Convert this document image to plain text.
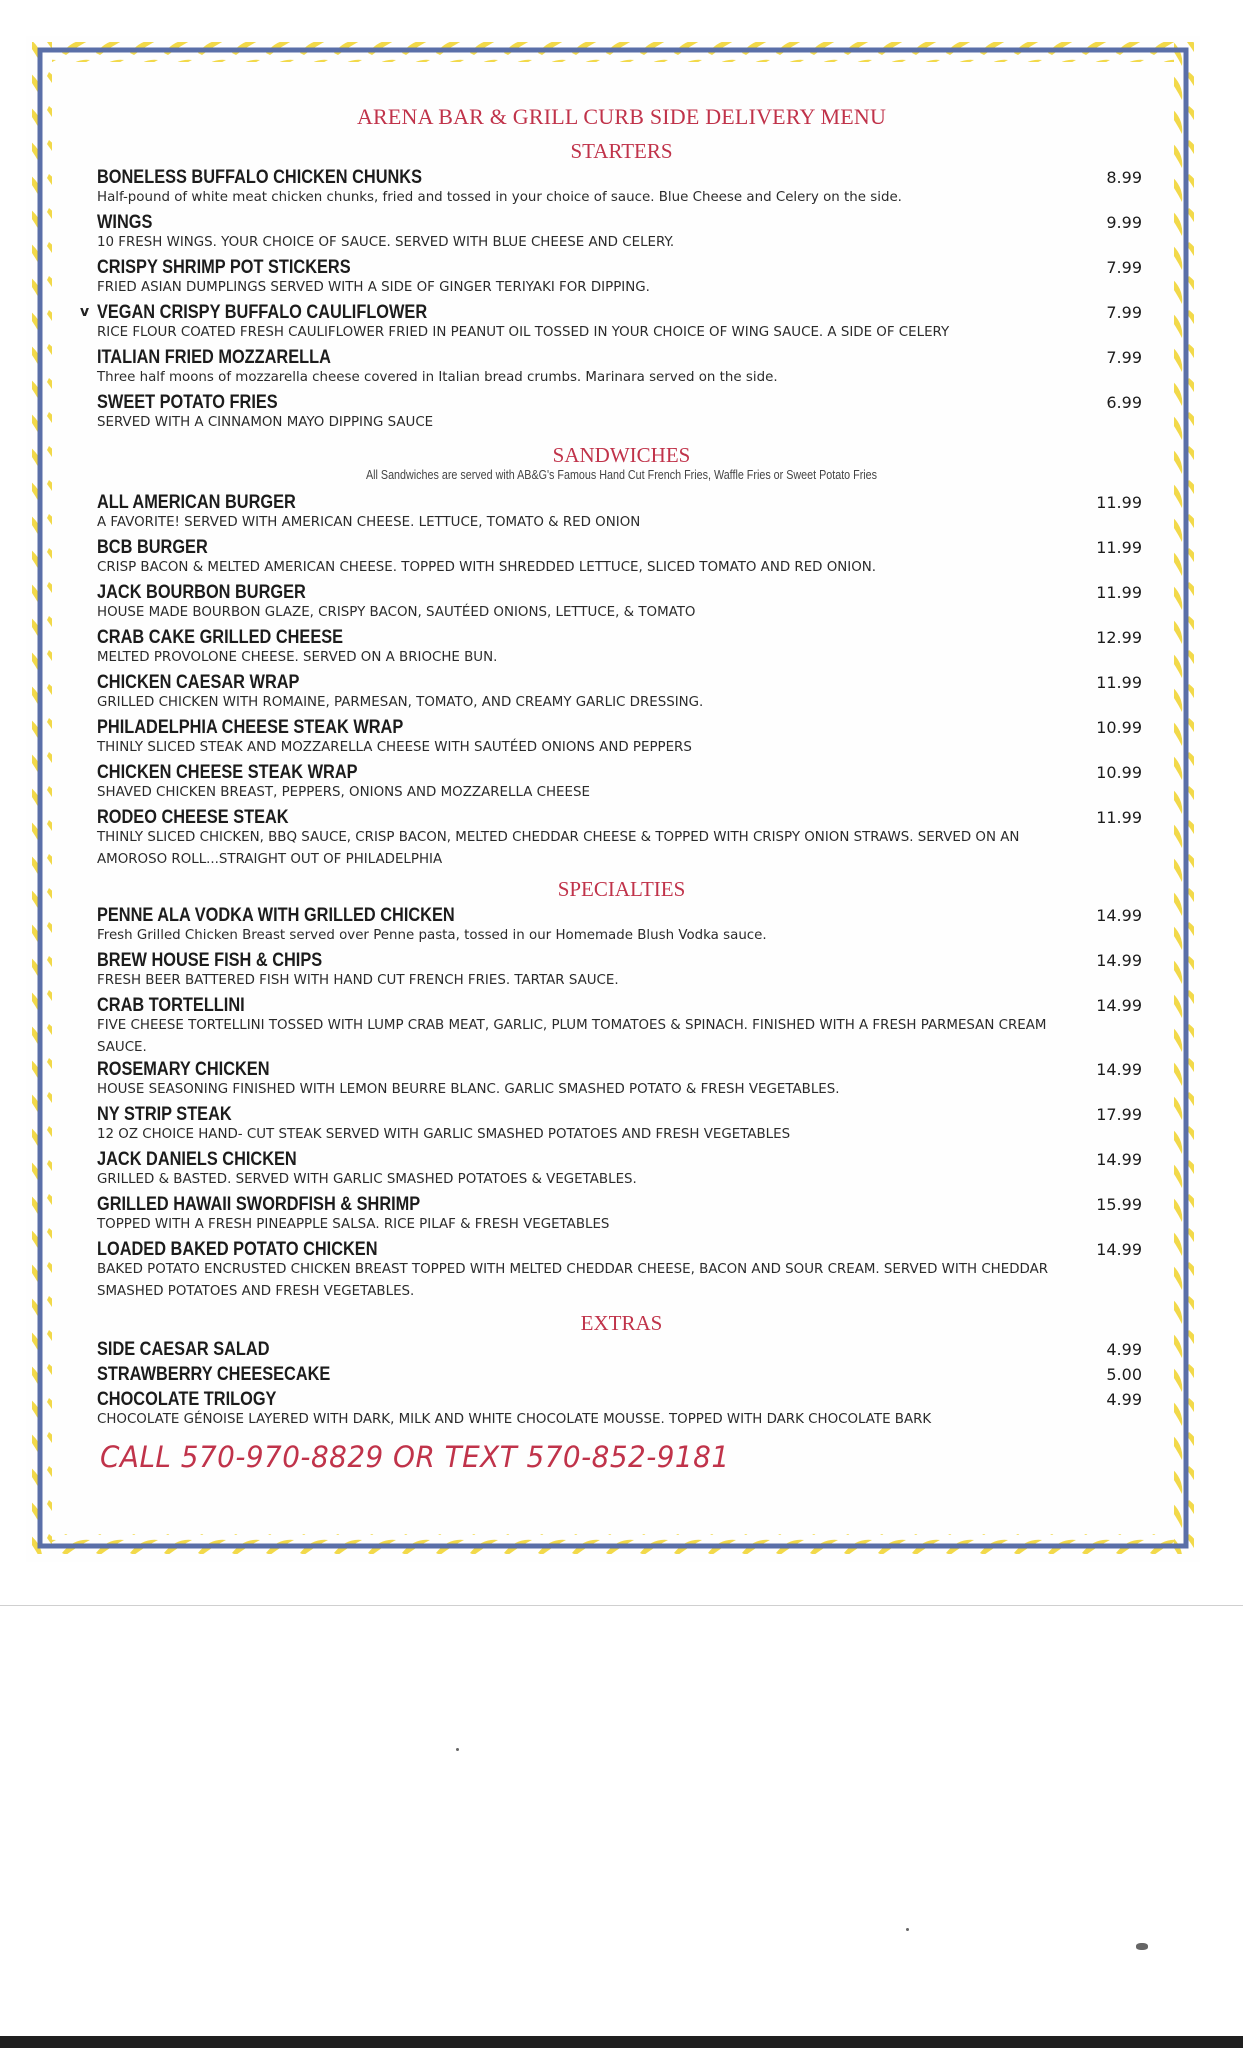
ARENA BAR & GRILL CURB SIDE DELIVERY MENU
STARTERS
BONELESS BUFFALO CHICKEN CHUNKS	8.99
Half-pound of white meat chicken chunks, fried and tossed in your choice of sauce. Blue Cheese and Celery on the side.
WINGS	9.99
10 FRESH WINGS. YOUR CHOICE OF SAUCE. SERVED WITH BLUE CHEESE AND CELERY.
CRISPY SHRIMP POT STICKERS	7.99
FRIED ASIAN DUMPLINGS SERVED WITH A SIDE OF GINGER TERIYAKI FOR DIPPING.
v VEGAN CRISPY BUFFALO CAULIFLOWER	7.99
RICE FLOUR COATED FRESH CAULIFLOWER FRIED IN PEANUT OIL TOSSED IN YOUR CHOICE OF WING SAUCE. A SIDE OF CELERY
ITALIAN FRIED MOZZARELLA	7.99
Three half moons of mozzarella cheese covered in Italian bread crumbs. Marinara served on the side.
SWEET POTATO FRIES	6.99
SERVED WITH A CINNAMON MAYO DIPPING SAUCE
SANDWICHES
All Sandwiches are served with AB&G's Famous Hand Cut French Fries, Waffle Fries or Sweet Potato Fries
ALL AMERICAN BURGER	11.99
A FAVORITE! SERVED WITH AMERICAN CHEESE. LETTUCE, TOMATO & RED ONION
BCB BURGER	11.99
CRISP BACON & MELTED AMERICAN CHEESE. TOPPED WITH SHREDDED LETTUCE, SLICED TOMATO AND RED ONION.
JACK BOURBON BURGER	11.99
HOUSE MADE BOURBON GLAZE, CRISPY BACON, SAUTÉED ONIONS, LETTUCE, & TOMATO
CRAB CAKE GRILLED CHEESE	12.99
MELTED PROVOLONE CHEESE. SERVED ON A BRIOCHE BUN.
CHICKEN CAESAR WRAP	11.99
GRILLED CHICKEN WITH ROMAINE, PARMESAN, TOMATO, AND CREAMY GARLIC DRESSING.
PHILADELPHIA CHEESE STEAK WRAP	10.99
THINLY SLICED STEAK AND MOZZARELLA CHEESE WITH SAUTÉED ONIONS AND PEPPERS
CHICKEN CHEESE STEAK WRAP	10.99
SHAVED CHICKEN BREAST, PEPPERS, ONIONS AND MOZZARELLA CHEESE
RODEO CHEESE STEAK	11.99
THINLY SLICED CHICKEN, BBQ SAUCE, CRISP BACON, MELTED CHEDDAR CHEESE & TOPPED WITH CRISPY ONION STRAWS. SERVED ON AN AMOROSO ROLL...STRAIGHT OUT OF PHILADELPHIA
SPECIALTIES
PENNE ALA VODKA WITH GRILLED CHICKEN	14.99
Fresh Grilled Chicken Breast served over Penne pasta, tossed in our Homemade Blush Vodka sauce.
BREW HOUSE FISH & CHIPS	14.99
FRESH BEER BATTERED FISH WITH HAND CUT FRENCH FRIES. TARTAR SAUCE.
CRAB TORTELLINI	14.99
FIVE CHEESE TORTELLINI TOSSED WITH LUMP CRAB MEAT, GARLIC, PLUM TOMATOES & SPINACH. FINISHED WITH A FRESH PARMESAN CREAM SAUCE.
ROSEMARY CHICKEN	14.99
HOUSE SEASONING FINISHED WITH LEMON BEURRE BLANC. GARLIC SMASHED POTATO & FRESH VEGETABLES.
NY STRIP STEAK	17.99
12 OZ CHOICE HAND- CUT STEAK SERVED WITH GARLIC SMASHED POTATOES AND FRESH VEGETABLES
JACK DANIELS CHICKEN	14.99
GRILLED & BASTED. SERVED WITH GARLIC SMASHED POTATOES & VEGETABLES.
GRILLED HAWAII SWORDFISH & SHRIMP	15.99
TOPPED WITH A FRESH PINEAPPLE SALSA. RICE PILAF & FRESH VEGETABLES
LOADED BAKED POTATO CHICKEN	14.99
BAKED POTATO ENCRUSTED CHICKEN BREAST TOPPED WITH MELTED CHEDDAR CHEESE, BACON AND SOUR CREAM. SERVED WITH CHEDDAR SMASHED POTATOES AND FRESH VEGETABLES.
EXTRAS
SIDE CAESAR SALAD	4.99
STRAWBERRY CHEESECAKE	5.00
CHOCOLATE TRILOGY	4.99
CHOCOLATE GÉNOISE LAYERED WITH DARK, MILK AND WHITE CHOCOLATE MOUSSE. TOPPED WITH DARK CHOCOLATE BARK
CALL 570-970-8829 OR TEXT 570-852-9181
